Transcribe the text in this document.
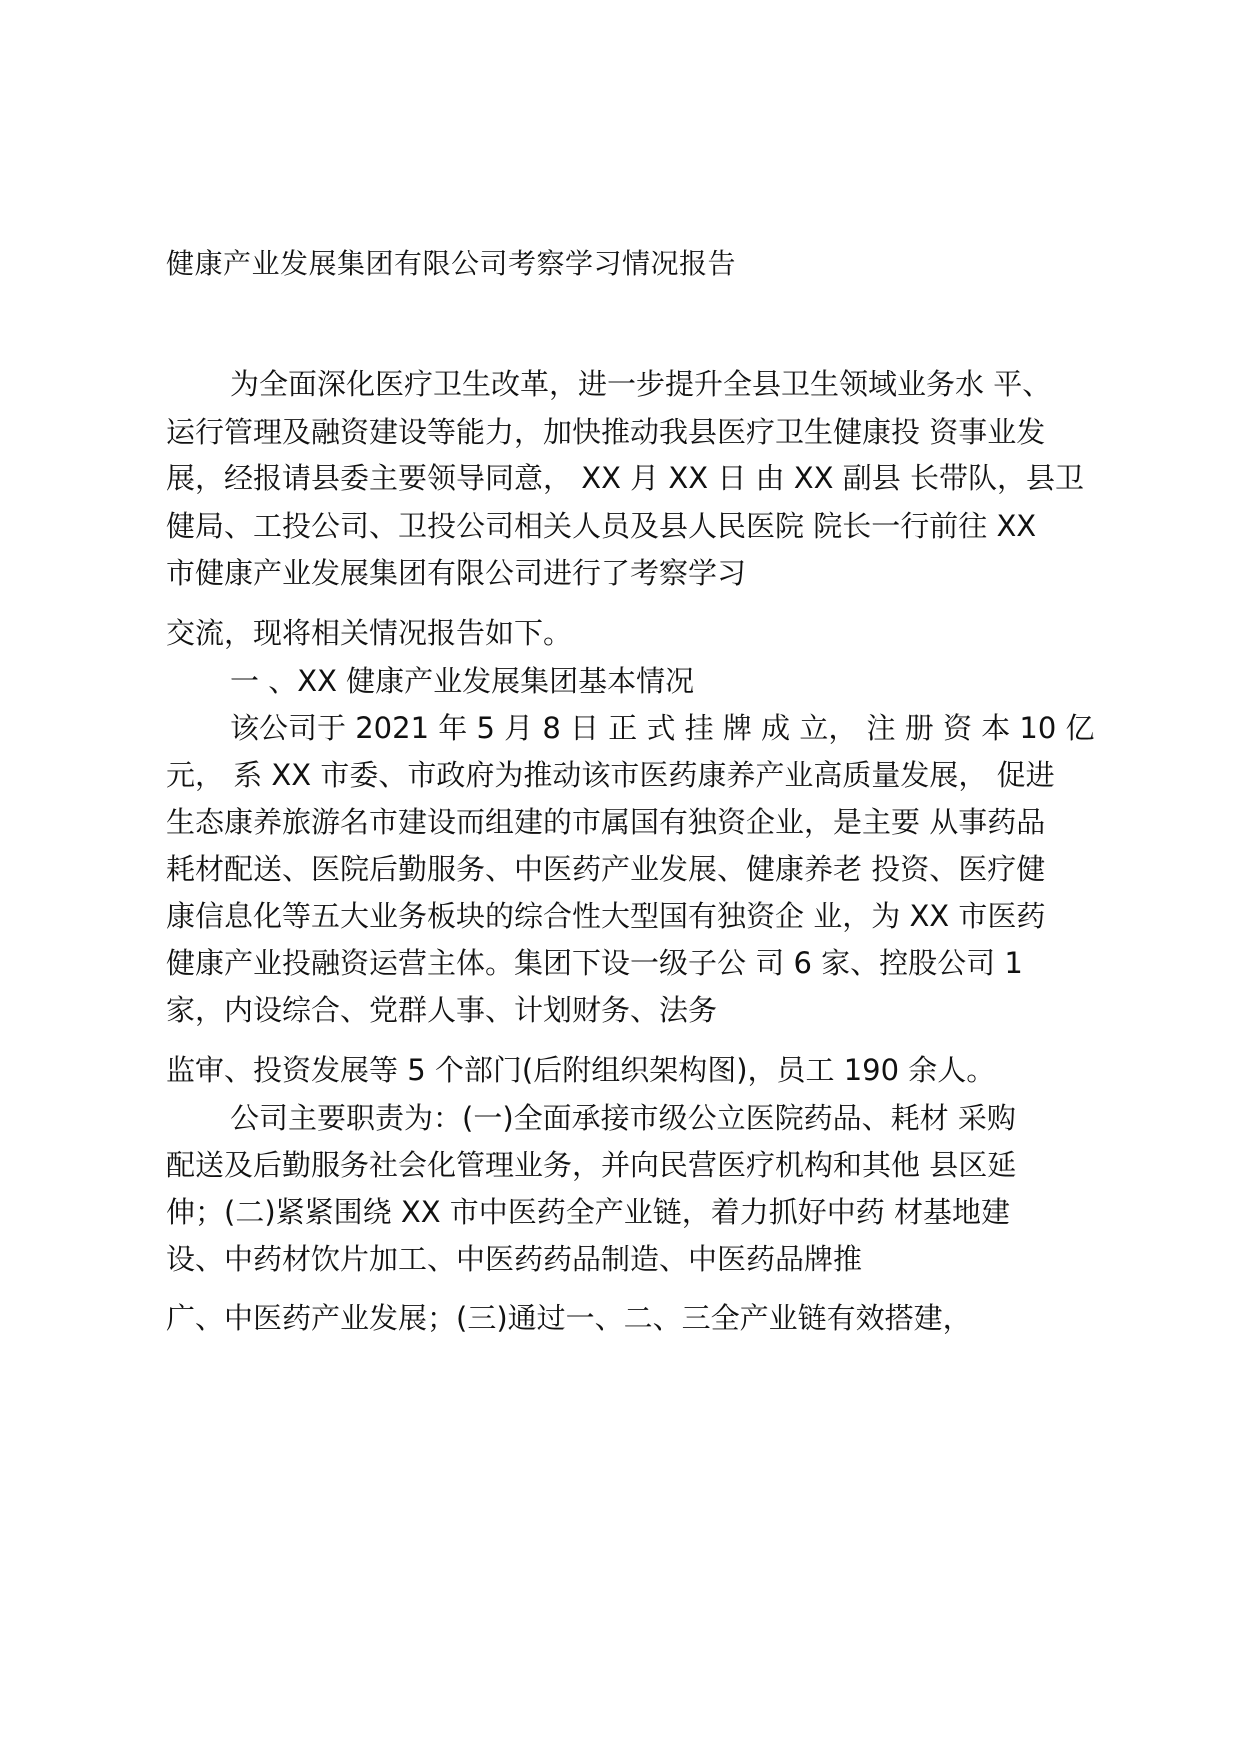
健康产业发展集团有限公司考察学习情况报告
为全面深化医疗卫生改革，进一步提升全县卫生领域业务水 平、
运行管理及融资建设等能力，加快推动我县医疗卫生健康投 资事业发
展，经报请县委主要领导同意， XX 月 XX 日 由 XX 副县 长带队，县卫
健局、工投公司、卫投公司相关人员及县人民医院 院长一行前往 XX
市健康产业发展集团有限公司进行了考察学习
交流，现将相关情况报告如下。
一 、XX 健康产业发展集团基本情况
该公司于 2021 年 5 月 8 日 正 式 挂 牌 成 立， 注 册 资 本 10 亿
元， 系 XX 市委、市政府为推动该市医药康养产业高质量发展， 促进
生态康养旅游名市建设而组建的市属国有独资企业，是主要 从事药品
耗材配送、医院后勤服务、中医药产业发展、健康养老 投资、医疗健
康信息化等五大业务板块的综合性大型国有独资企 业，为 XX 市医药
健康产业投融资运营主体。集团下设一级子公 司 6 家、控股公司 1
家，内设综合、党群人事、计划财务、法务
监审、投资发展等 5 个部门(后附组织架构图)，员工 190 余人。
公司主要职责为：(一)全面承接市级公立医院药品、耗材 采购
配送及后勤服务社会化管理业务，并向民营医疗机构和其他 县区延
伸；(二)紧紧围绕 XX 市中医药全产业链，着力抓好中药 材基地建
设、中药材饮片加工、中医药药品制造、中医药品牌推
广、中医药产业发展；(三)通过一、二、三全产业链有效搭建，
